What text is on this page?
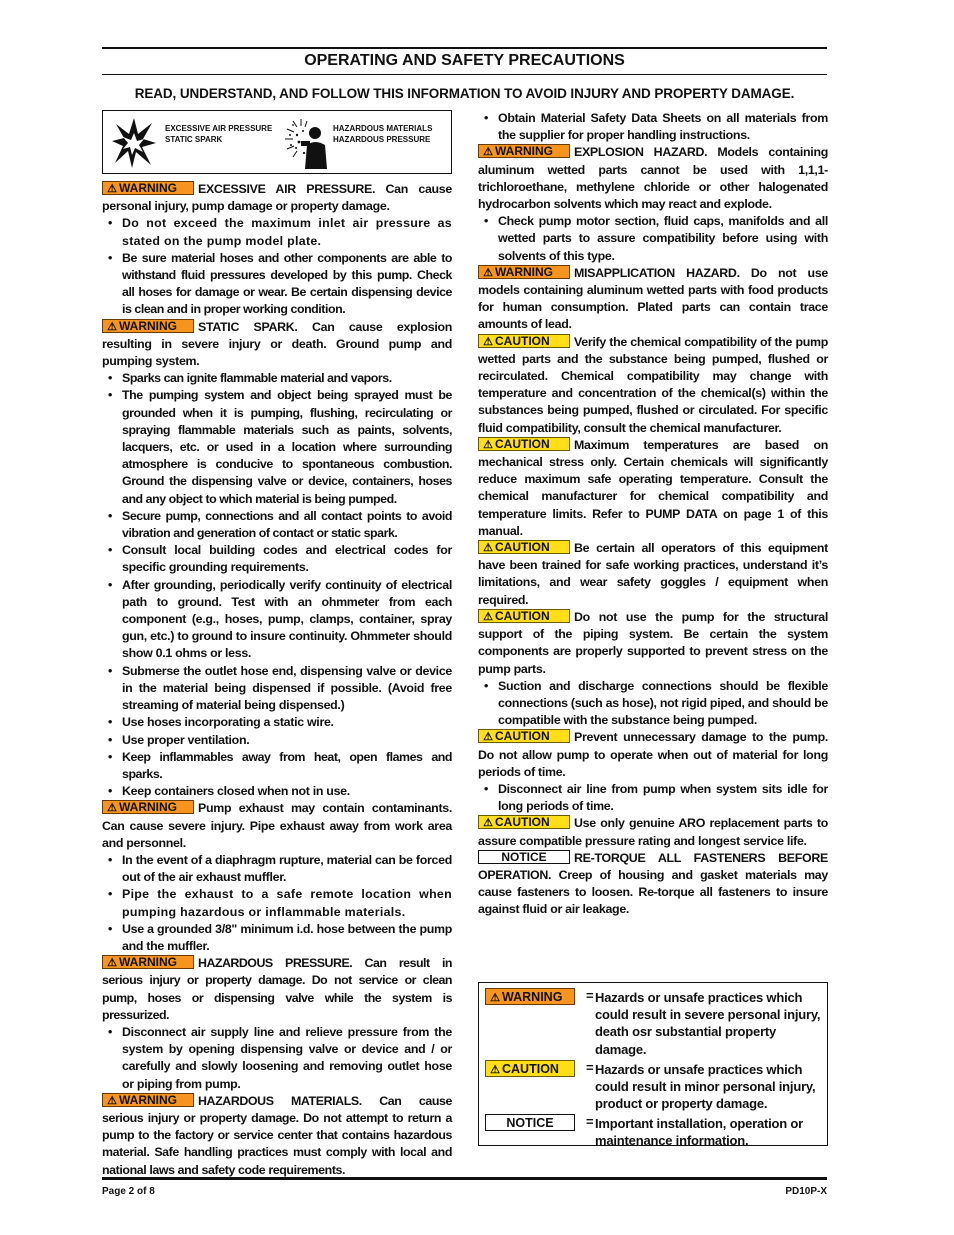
OPERATING AND SAFETY PRECAUTIONS
READ, UNDERSTAND, AND FOLLOW THIS INFORMATION TO AVOID INJURY AND PROPERTY DAMAGE.
EXCESSIVE AIR PRESSURE
STATIC SPARK
HAZARDOUS MATERIALS
HAZARDOUS PRESSURE
⚠ WARNING EXCESSIVE AIR PRESSURE. Can cause personal injury, pump damage or property damage.
• Do not exceed the maximum inlet air pressure as stated on the pump model plate.
• Be sure material hoses and other components are able to withstand fluid pressures developed by this pump. Check all hoses for damage or wear. Be certain dispensing device is clean and in proper working condition.
⚠ WARNING STATIC SPARK. Can cause explosion resulting in severe injury or death. Ground pump and pumping system.
• Sparks can ignite flammable material and vapors.
• The pumping system and object being sprayed must be grounded when it is pumping, flushing, recirculating or spraying flammable materials such as paints, solvents, lacquers, etc. or used in a location where surrounding atmosphere is conducive to spontaneous combustion. Ground the dispensing valve or device, containers, hoses and any object to which material is being pumped.
• Secure pump, connections and all contact points to avoid vibration and generation of contact or static spark.
• Consult local building codes and electrical codes for specific grounding requirements.
• After grounding, periodically verify continuity of electrical path to ground. Test with an ohmmeter from each component (e.g., hoses, pump, clamps, container, spray gun, etc.) to ground to insure continuity. Ohmmeter should show 0.1 ohms or less.
• Submerse the outlet hose end, dispensing valve or device in the material being dispensed if possible. (Avoid free streaming of material being dispensed.)
• Use hoses incorporating a static wire.
• Use proper ventilation.
• Keep inflammables away from heat, open flames and sparks.
• Keep containers closed when not in use.
⚠ WARNING Pump exhaust may contain contaminants. Can cause severe injury. Pipe exhaust away from work area and personnel.
• In the event of a diaphragm rupture, material can be forced out of the air exhaust muffler.
• Pipe the exhaust to a safe remote location when pumping hazardous or inflammable materials.
• Use a grounded 3/8" minimum i.d. hose between the pump and the muffler.
⚠ WARNING HAZARDOUS PRESSURE. Can result in serious injury or property damage. Do not service or clean pump, hoses or dispensing valve while the system is pressurized.
• Disconnect air supply line and relieve pressure from the system by opening dispensing valve or device and / or carefully and slowly loosening and removing outlet hose or piping from pump.
⚠ WARNING HAZARDOUS MATERIALS. Can cause serious injury or property damage. Do not attempt to return a pump to the factory or service center that contains hazardous material. Safe handling practices must comply with local and national laws and safety code requirements.
• Obtain Material Safety Data Sheets on all materials from the supplier for proper handling instructions.
⚠ WARNING EXPLOSION HAZARD. Models containing aluminum wetted parts cannot be used with 1,1,1-trichloroethane, methylene chloride or other halogenated hydrocarbon solvents which may react and explode.
• Check pump motor section, fluid caps, manifolds and all wetted parts to assure compatibility before using with solvents of this type.
⚠ WARNING MISAPPLICATION HAZARD. Do not use models containing aluminum wetted parts with food products for human consumption. Plated parts can contain trace amounts of lead.
⚠ CAUTION Verify the chemical compatibility of the pump wetted parts and the substance being pumped, flushed or recirculated. Chemical compatibility may change with temperature and concentration of the chemical(s) within the substances being pumped, flushed or circulated. For specific fluid compatibility, consult the chemical manufacturer.
⚠ CAUTION Maximum temperatures are based on mechanical stress only. Certain chemicals will significantly reduce maximum safe operating temperature. Consult the chemical manufacturer for chemical compatibility and temperature limits. Refer to PUMP DATA on page 1 of this manual.
⚠ CAUTION Be certain all operators of this equipment have been trained for safe working practices, understand it’s limitations, and wear safety goggles / equipment when required.
⚠ CAUTION Do not use the pump for the structural support of the piping system. Be certain the system components are properly supported to prevent stress on the pump parts.
• Suction and discharge connections should be flexible connections (such as hose), not rigid piped, and should be compatible with the substance being pumped.
⚠ CAUTION Prevent unnecessary damage to the pump. Do not allow pump to operate when out of material for long periods of time.
• Disconnect air line from pump when system sits idle for long periods of time.
⚠ CAUTION Use only genuine ARO replacement parts to assure compatible pressure rating and longest service life.
NOTICE RE-TORQUE ALL FASTENERS BEFORE OPERATION. Creep of housing and gasket materials may cause fasteners to loosen. Re-torque all fasteners to insure against fluid or air leakage.
⚠ WARNING	= Hazards or unsafe practices which could result in severe personal injury, death osr substantial property damage.
⚠ CAUTION	= Hazards or unsafe practices which could result in minor personal injury, product or property damage.
NOTICE	= Important installation, operation or maintenance information.
Page 2 of 8	PD10P-X
